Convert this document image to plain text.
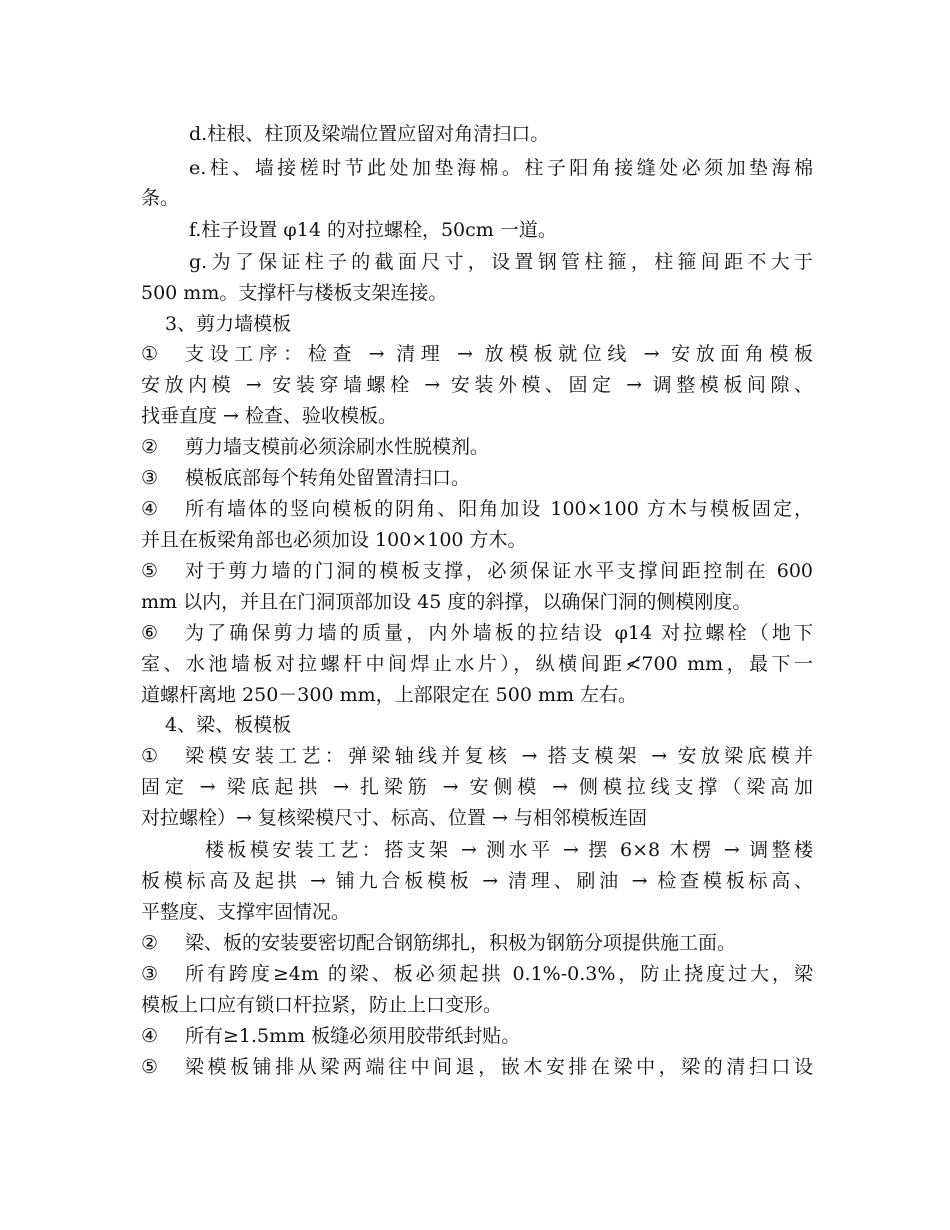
d.柱根、柱顶及梁端位置应留对角清扫口。
e.柱、墙接槎时节此处加垫海棉。柱子阳角接缝处必须加垫海棉
条。
f.柱子设置 φ14 的对拉螺栓，50cm 一道。
g.为了保证柱子的截面尺寸，设置钢管柱箍，柱箍间距不大于
500 mm。支撑杆与楼板支架连接。
3、剪力墙模板
① 支设工序：检查 → 清理 → 放模板就位线 → 安放面角模板
安放内模 → 安装穿墙螺栓 → 安装外模、固定 → 调整模板间隙、
找垂直度 → 检查、验收模板。
② 剪力墙支模前必须涂刷水性脱模剂。
③ 模板底部每个转角处留置清扫口。
④ 所有墙体的竖向模板的阴角、阳角加设 100×100 方木与模板固定，
并且在板梁角部也必须加设 100×100 方木。
⑤ 对于剪力墙的门洞的模板支撑，必须保证水平支撑间距控制在 600
mm 以内，并且在门洞顶部加设 45 度的斜撑，以确保门洞的侧模刚度。
⑥ 为了确保剪力墙的质量，内外墙板的拉结设 φ14 对拉螺栓（地下
室、水池墙板对拉螺杆中间焊止水片），纵横间距≮700 mm，最下一
道螺杆离地 250－300 mm，上部限定在 500 mm 左右。
4、梁、板模板
① 梁模安装工艺：弹梁轴线并复核 → 搭支模架 → 安放梁底模并
固定 → 梁底起拱 → 扎梁筋 → 安侧模 → 侧模拉线支撑（梁高加
对拉螺栓）→ 复核梁模尺寸、标高、位置 → 与相邻模板连固
楼板模安装工艺：搭支架 → 测水平 → 摆 6×8 木楞 → 调整楼
板模标高及起拱 → 铺九合板模板 → 清理、刷油 → 检查模板标高、
平整度、支撑牢固情况。
② 梁、板的安装要密切配合钢筋绑扎，积极为钢筋分项提供施工面。
③ 所有跨度≥4m 的梁、板必须起拱 0.1%-0.3%，防止挠度过大，梁
模板上口应有锁口杆拉紧，防止上口变形。
④ 所有≥1.5mm 板缝必须用胶带纸封贴。
⑤ 梁模板铺排从梁两端往中间退，嵌木安排在梁中，梁的清扫口设
